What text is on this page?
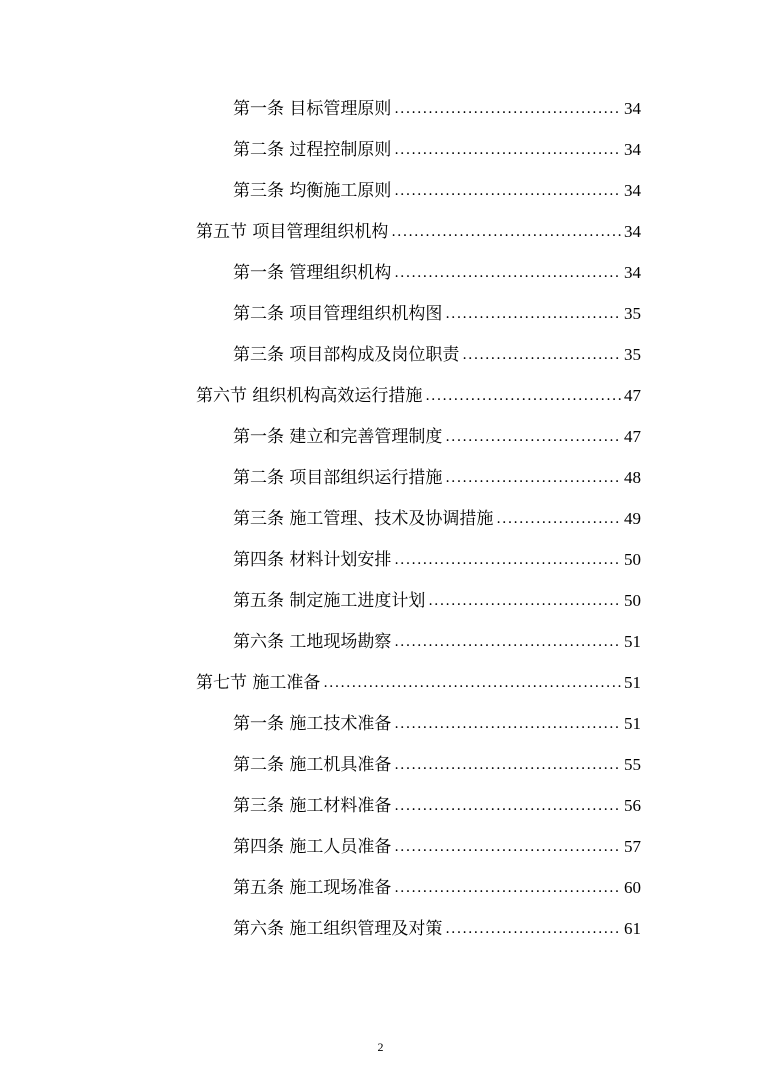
第一条 目标管理原则 .....	34
第二条 过程控制原则 .....	34
第三条 均衡施工原则 .....	34
第五节 项目管理组织机构 .....	34
第一条 管理组织机构 .....	34
第二条 项目管理组织机构图 .....	35
第三条 项目部构成及岗位职责 .....	35
第六节 组织机构高效运行措施 .....	47
第一条 建立和完善管理制度 .....	47
第二条 项目部组织运行措施 .....	48
第三条 施工管理、技术及协调措施 .....	49
第四条 材料计划安排 .....	50
第五条 制定施工进度计划 .....	50
第六条 工地现场勘察 .....	51
第七节 施工准备 .....	51
第一条 施工技术准备 .....	51
第二条 施工机具准备 .....	55
第三条 施工材料准备 .....	56
第四条 施工人员准备 .....	57
第五条 施工现场准备 .....	60
第六条 施工组织管理及对策 .....	61
2
